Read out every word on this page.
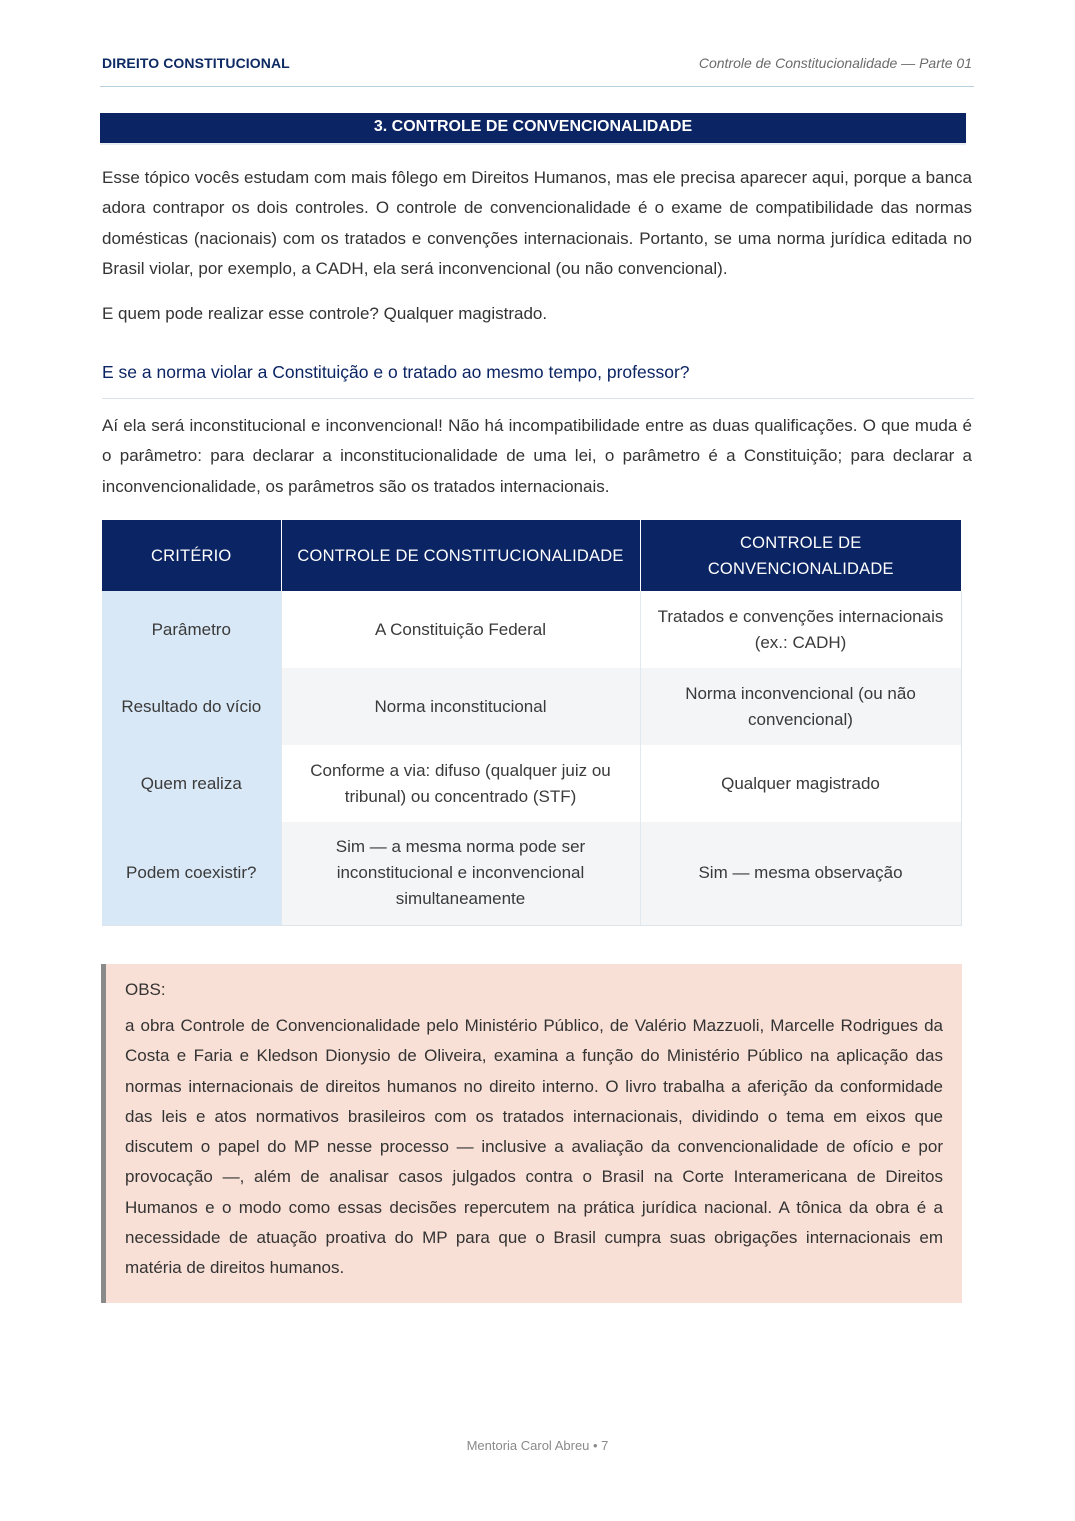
DIREITO CONSTITUCIONAL	Controle de Constitucionalidade — Parte 01
3. CONTROLE DE CONVENCIONALIDADE
Esse tópico vocês estudam com mais fôlego em Direitos Humanos, mas ele precisa aparecer aqui, porque a banca adora contrapor os dois controles. O controle de convencionalidade é o exame de compatibilidade das normas domésticas (nacionais) com os tratados e convenções internacionais. Portanto, se uma norma jurídica editada no Brasil violar, por exemplo, a CADH, ela será inconvencional (ou não convencional).
E quem pode realizar esse controle? Qualquer magistrado.
E se a norma violar a Constituição e o tratado ao mesmo tempo, professor?
Aí ela será inconstitucional e inconvencional! Não há incompatibilidade entre as duas qualificações. O que muda é o parâmetro: para declarar a inconstitucionalidade de uma lei, o parâmetro é a Constituição; para declarar a inconvencionalidade, os parâmetros são os tratados internacionais.
CRITÉRIO	CONTROLE DE CONSTITUCIONALIDADE	CONTROLE DE CONVENCIONALIDADE
Parâmetro	A Constituição Federal	Tratados e convenções internacionais (ex.: CADH)
Resultado do vício	Norma inconstitucional	Norma inconvencional (ou não convencional)
Quem realiza	Conforme a via: difuso (qualquer juiz ou tribunal) ou concentrado (STF)	Qualquer magistrado
Podem coexistir?	Sim — a mesma norma pode ser inconstitucional e inconvencional simultaneamente	Sim — mesma observação
OBS:
a obra Controle de Convencionalidade pelo Ministério Público, de Valério Mazzuoli, Marcelle Rodrigues da Costa e Faria e Kledson Dionysio de Oliveira, examina a função do Ministério Público na aplicação das normas internacionais de direitos humanos no direito interno. O livro trabalha a aferição da conformidade das leis e atos normativos brasileiros com os tratados internacionais, dividindo o tema em eixos que discutem o papel do MP nesse processo — inclusive a avaliação da convencionalidade de ofício e por provocação —, além de analisar casos julgados contra o Brasil na Corte Interamericana de Direitos Humanos e o modo como essas decisões repercutem na prática jurídica nacional. A tônica da obra é a necessidade de atuação proativa do MP para que o Brasil cumpra suas obrigações internacionais em matéria de direitos humanos.
Mentoria Carol Abreu • 7
